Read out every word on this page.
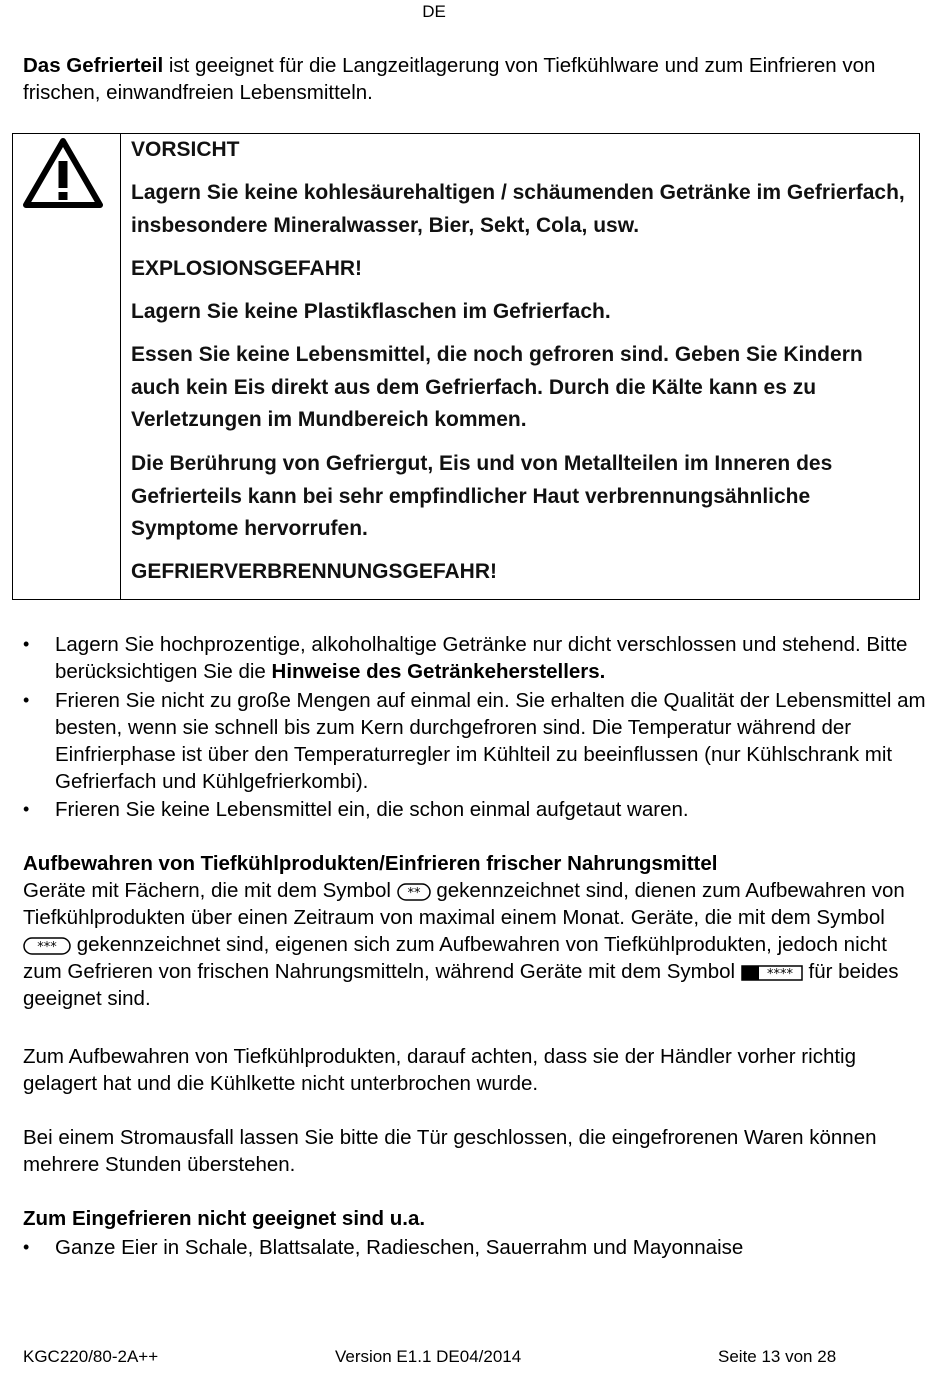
DE

Das Gefrierteil ist geeignet für die Langzeitlagerung von Tiefkühlware und zum Einfrieren von frischen, einwandfreien Lebensmitteln.

VORSICHT
Lagern Sie keine kohlesäurehaltigen / schäumenden Getränke im Gefrierfach, insbesondere Mineralwasser, Bier, Sekt, Cola, usw.
EXPLOSIONSGEFAHR!
Lagern Sie keine Plastikflaschen im Gefrierfach.
Essen Sie keine Lebensmittel, die noch gefroren sind. Geben Sie Kindern auch kein Eis direkt aus dem Gefrierfach. Durch die Kälte kann es zu Verletzungen im Mundbereich kommen.
Die Berührung von Gefriergut, Eis und von Metallteilen im Inneren des Gefrierteils kann bei sehr empfindlicher Haut verbrennungsähnliche Symptome hervorrufen.
GEFRIERVERBRENNUNGSGEFAHR!
•	Lagern Sie hochprozentige, alkoholhaltige Getränke nur dicht verschlossen und stehend. Bitte berücksichtigen Sie die Hinweise des Getränkeherstellers.
•	Frieren Sie nicht zu große Mengen auf einmal ein. Sie erhalten die Qualität der Lebensmittel am besten, wenn sie schnell bis zum Kern durchgefroren sind. Die Temperatur während der Einfrierphase ist über den Temperaturregler im Kühlteil zu beeinflussen (nur Kühlschrank mit Gefrierfach und Kühlgefrierkombi).
•	Frieren Sie keine Lebensmittel ein, die schon einmal aufgetaut waren.
Aufbewahren von Tiefkühlprodukten/Einfrieren frischer Nahrungsmittel

Geräte mit Fächern, die mit dem Symbol ** gekennzeichnet sind, dienen zum Aufbewahren von Tiefkühlprodukten über einen Zeitraum von maximal einem Monat. Geräte, die mit dem Symbol
*** gekennzeichnet sind, eigenen sich zum Aufbewahren von Tiefkühlprodukten, jedoch nicht zum Gefrieren von frischen Nahrungsmitteln, während Geräte mit dem Symbol **** für beides geeignet sind.

Zum Aufbewahren von Tiefkühlprodukten, darauf achten, dass sie der Händler vorher richtig gelagert hat und die Kühlkette nicht unterbrochen wurde.

Bei einem Stromausfall lassen Sie bitte die Tür geschlossen, die eingefrorenen Waren können mehrere Stunden überstehen.

Zum Eingefrieren nicht geeignet sind u.a.
•	Ganze Eier in Schale, Blattsalate, Radieschen, Sauerrahm und Mayonnaise
KGC220/80-2A++	Version E1.1 DE04/2014	Seite 13 von 28
